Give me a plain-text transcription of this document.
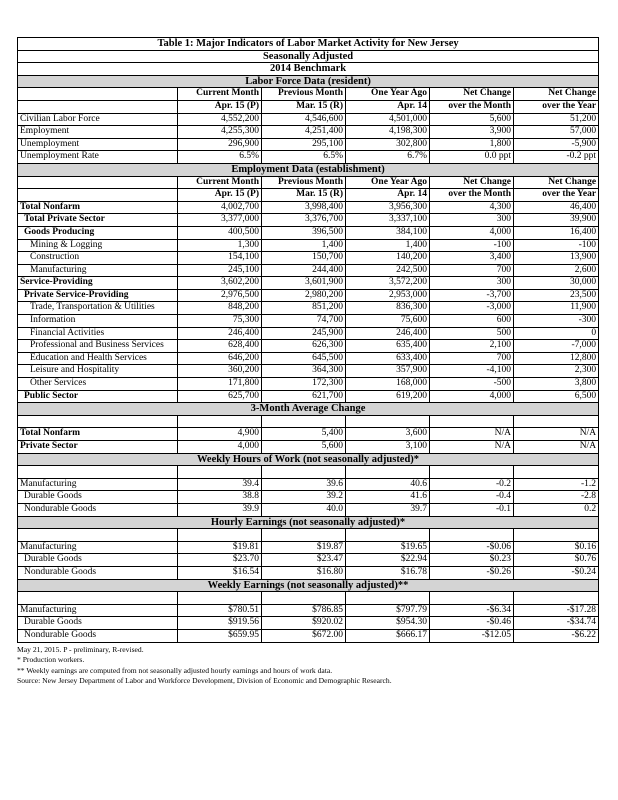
Table 1: Major Indicators of Labor Market Activity for New Jersey					
Seasonally Adjusted					
2014 Benchmark					
Labor Force Data (resident)					
	Current Month	Previous Month	One Year Ago	Net Change	Net Change
	Apr. 15 (P)	Mar. 15 (R)	Apr. 14	over the Month	over the Year
Civilian Labor Force	4,552,200	4,546,600	4,501,000	5,600	51,200
Employment	4,255,300	4,251,400	4,198,300	3,900	57,000
Unemployment	296,900	295,100	302,800	1,800	-5,900
Unemployment Rate	6.5%	6.5%	6.7%	0.0 ppt	-0.2 ppt
Employment Data (establishment)					
	Current Month	Previous Month	One Year Ago	Net Change	Net Change
	Apr. 15 (P)	Mar. 15 (R)	Apr. 14	over the Month	over the Year
Total Nonfarm	4,002,700	3,998,400	3,956,300	4,300	46,400
Total Private Sector	3,377,000	3,376,700	3,337,100	300	39,900
Goods Producing	400,500	396,500	384,100	4,000	16,400
Mining & Logging	1,300	1,400	1,400	-100	-100
Construction	154,100	150,700	140,200	3,400	13,900
Manufacturing	245,100	244,400	242,500	700	2,600
Service-Providing	3,602,200	3,601,900	3,572,200	300	30,000
Private Service-Providing	2,976,500	2,980,200	2,953,000	-3,700	23,500
Trade, Transportation & Utilities	848,200	851,200	836,300	-3,000	11,900
Information	75,300	74,700	75,600	600	-300
Financial Activities	246,400	245,900	246,400	500	0
Professional and Business Services	628,400	626,300	635,400	2,100	-7,000
Education and Health Services	646,200	645,500	633,400	700	12,800
Leisure and Hospitality	360,200	364,300	357,900	-4,100	2,300
Other Services	171,800	172,300	168,000	-500	3,800
Public Sector	625,700	621,700	619,200	4,000	6,500
3-Month Average Change					

Total Nonfarm	4,900	5,400	3,600	N/A	N/A
Private Sector	4,000	5,600	3,100	N/A	N/A
Weekly Hours of Work (not seasonally adjusted)*					

Manufacturing	39.4	39.6	40.6	-0.2	-1.2
Durable Goods	38.8	39.2	41.6	-0.4	-2.8
Nondurable Goods	39.9	40.0	39.7	-0.1	0.2
Hourly Earnings (not seasonally adjusted)*					

Manufacturing	$19.81	$19.87	$19.65	-$0.06	$0.16
Durable Goods	$23.70	$23.47	$22.94	$0.23	$0.76
Nondurable Goods	$16.54	$16.80	$16.78	-$0.26	-$0.24
Weekly Earnings (not seasonally adjusted)**					

Manufacturing	$780.51	$786.85	$797.79	-$6.34	-$17.28
Durable Goods	$919.56	$920.02	$954.30	-$0.46	-$34.74
Nondurable Goods	$659.95	$672.00	$666.17	-$12.05	-$6.22
May 21, 2015. P - preliminary, R-revised.
* Production workers.
** Weekly earnings are computed from not seasonally adjusted hourly earnings and hours of work data.
Source: New Jersey Department of Labor and Workforce Development, Division of Economic and Demographic Research.
